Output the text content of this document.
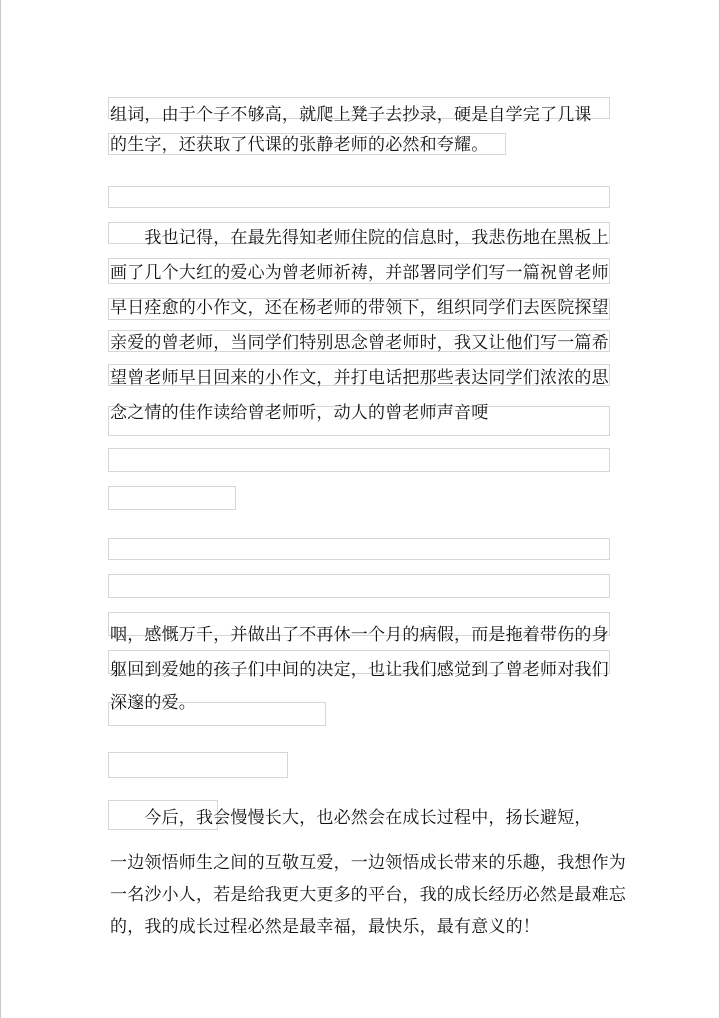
组词，由于个子不够高，就爬上凳子去抄录，硬是自学完了几课
的生字，还获取了代课的张静老师的必然和夸耀。
　　我也记得，在最先得知老师住院的信息时，我悲伤地在黑板上
画了几个大红的爱心为曾老师祈祷，并部署同学们写一篇祝曾老师
早日痊愈的小作文，还在杨老师的带领下，组织同学们去医院探望
亲爱的曾老师，当同学们特别思念曾老师时，我又让他们写一篇希
望曾老师早日回来的小作文，并打电话把那些表达同学们浓浓的思
念之情的佳作读给曾老师听，动人的曾老师声音哽
咽，感慨万千，并做出了不再休一个月的病假，而是拖着带伤的身
躯回到爱她的孩子们中间的决定，也让我们感觉到了曾老师对我们
深邃的爱。
　　今后，我会慢慢长大，也必然会在成长过程中，扬长避短，
一边领悟师生之间的互敬互爱，一边领悟成长带来的乐趣，我想作为
一名沙小人，若是给我更大更多的平台，我的成长经历必然是最难忘
的，我的成长过程必然是最幸福，最快乐，最有意义的！
